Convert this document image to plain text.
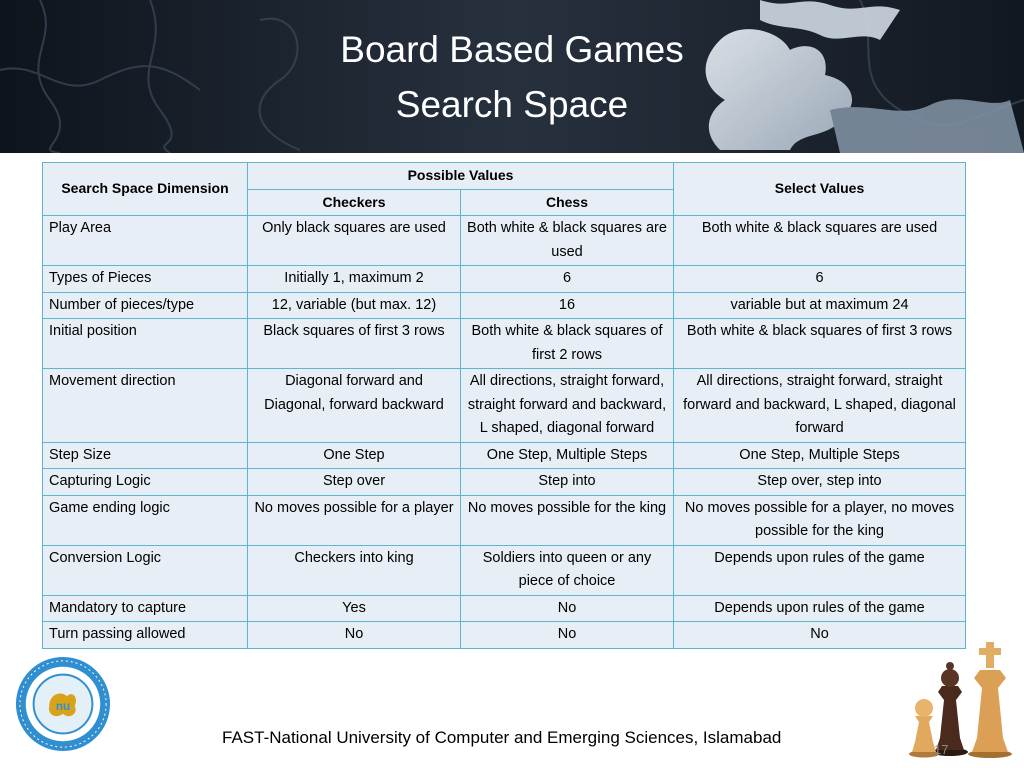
Board Based Games
Search Space
Search Space Dimension	Possible Values		Select Values
	Checkers	Chess	
Play Area	Only black squares are used	Both white & black squares are used	Both white & black squares are used
Types of Pieces	Initially 1, maximum 2	6	6
Number of pieces/type	12, variable (but max. 12)	16	variable but at maximum 24
Initial position	Black squares of first 3 rows	Both white & black squares of first 2 rows	Both white & black squares of first 3 rows
Movement direction	Diagonal forward and Diagonal, forward backward	All directions, straight forward, straight forward and backward, L shaped, diagonal forward	All directions, straight forward, straight forward and backward, L shaped, diagonal forward
Step Size	One Step	One Step, Multiple Steps	One Step, Multiple Steps
Capturing Logic	Step over	Step into	Step over, step into
Game ending logic	No moves possible for a player	No moves possible for the king	No moves possible for a player, no moves possible for the king
Conversion Logic	Checkers into king	Soldiers into queen or any piece of choice	Depends upon rules of the game
Mandatory to capture	Yes	No	Depends upon rules of the game
Turn passing allowed	No	No	No
nu
FAST-National University of Computer and Emerging Sciences, Islamabad
17
